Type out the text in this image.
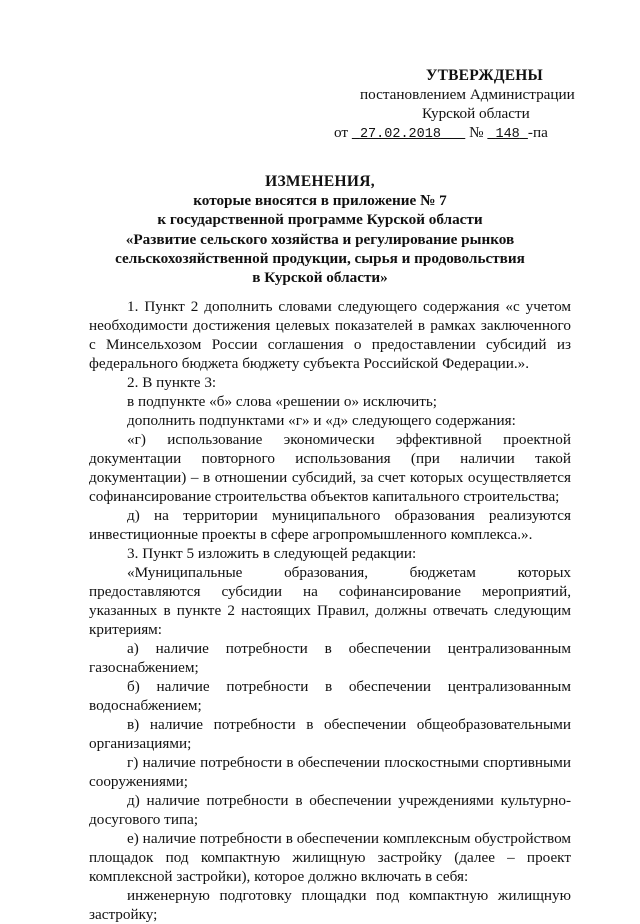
УТВЕРЖДЕНЫ
постановлением Администрации
Курской области
от 27.02.2018 № 148 -па
ИЗМЕНЕНИЯ,
которые вносятся в приложение № 7
к государственной программе Курской области
«Развитие сельского хозяйства и регулирование рынков
сельскохозяйственной продукции, сырья и продовольствия
в Курской области»

1. Пункт 2 дополнить словами следующего содержания «с учетом необходимости достижения целевых показателей в рамках заключенного с Минсельхозом России соглашения о предоставлении субсидий из федерального бюджета бюджету субъекта Российской Федерации.».

2. В пункте 3:

в подпункте «б» слова «решении о» исключить;

дополнить подпунктами «г» и «д» следующего содержания:

«г) использование экономически эффективной проектной документации повторного использования (при наличии такой документации) – в отношении субсидий, за счет которых осуществляется софинансирование строительства объектов капитального строительства;

д) на территории муниципального образования реализуются инвестиционные проекты в сфере агропромышленного комплекса.».

3. Пункт 5 изложить в следующей редакции:

«Муниципальные образования, бюджетам которых предоставляются субсидии на софинансирование мероприятий, указанных в пункте 2 настоящих Правил, должны отвечать следующим критериям:

а) наличие потребности в обеспечении централизованным газоснабжением;

б) наличие потребности в обеспечении централизованным водоснабжением;

в) наличие потребности в обеспечении общеобразовательными организациями;

г) наличие потребности в обеспечении плоскостными спортивными сооружениями;

д) наличие потребности в обеспечении учреждениями культурно-досугового типа;

е) наличие потребности в обеспечении комплексным обустройством площадок под компактную жилищную застройку (далее – проект комплексной застройки), которое должно включать в себя:

инженерную подготовку площадки под компактную жилищную застройку;
